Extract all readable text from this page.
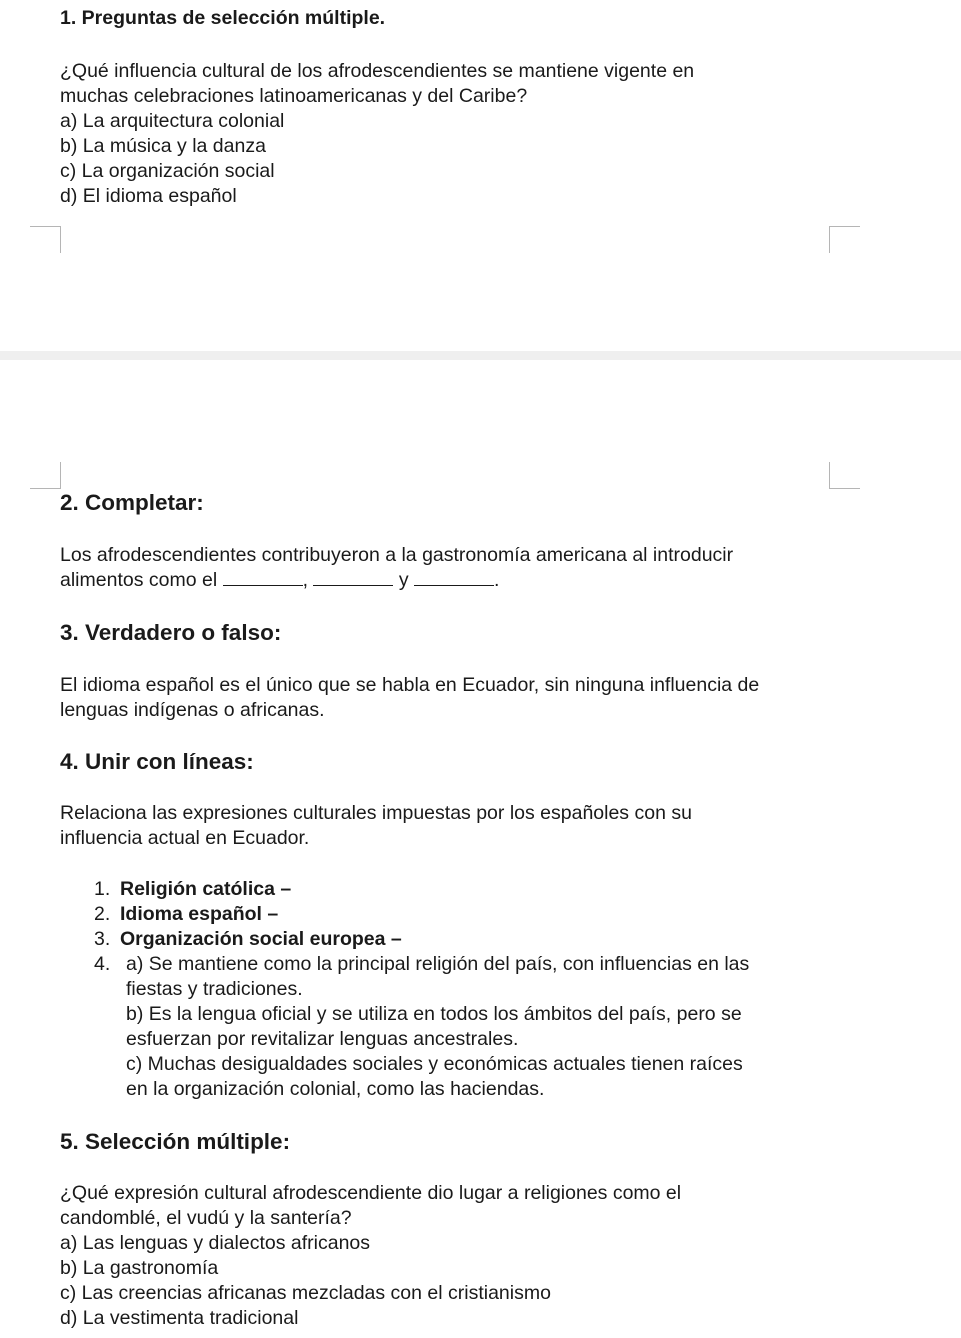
1. Preguntas de selección múltiple.
¿Qué influencia cultural de los afrodescendientes se mantiene vigente en
muchas celebraciones latinoamericanas y del Caribe?
a) La arquitectura colonial
b) La música y la danza
c) La organización social
d) El idioma español
2. Completar:
Los afrodescendientes contribuyeron a la gastronomía americana al introducir
alimentos como el	,	y	.
3. Verdadero o falso:
El idioma español es el único que se habla en Ecuador, sin ninguna influencia de
lenguas indígenas o africanas.
4. Unir con líneas:
Relaciona las expresiones culturales impuestas por los españoles con su
influencia actual en Ecuador.
1. Religión católica –
2. Idioma español –
3. Organización social europea –
4. a) Se mantiene como la principal religión del país, con influencias en las
fiestas y tradiciones.
b) Es la lengua oficial y se utiliza en todos los ámbitos del país, pero se
esfuerzan por revitalizar lenguas ancestrales.
c) Muchas desigualdades sociales y económicas actuales tienen raíces
en la organización colonial, como las haciendas.
5. Selección múltiple:
¿Qué expresión cultural afrodescendiente dio lugar a religiones como el
candomblé, el vudú y la santería?
a) Las lenguas y dialectos africanos
b) La gastronomía
c) Las creencias africanas mezcladas con el cristianismo
d) La vestimenta tradicional
